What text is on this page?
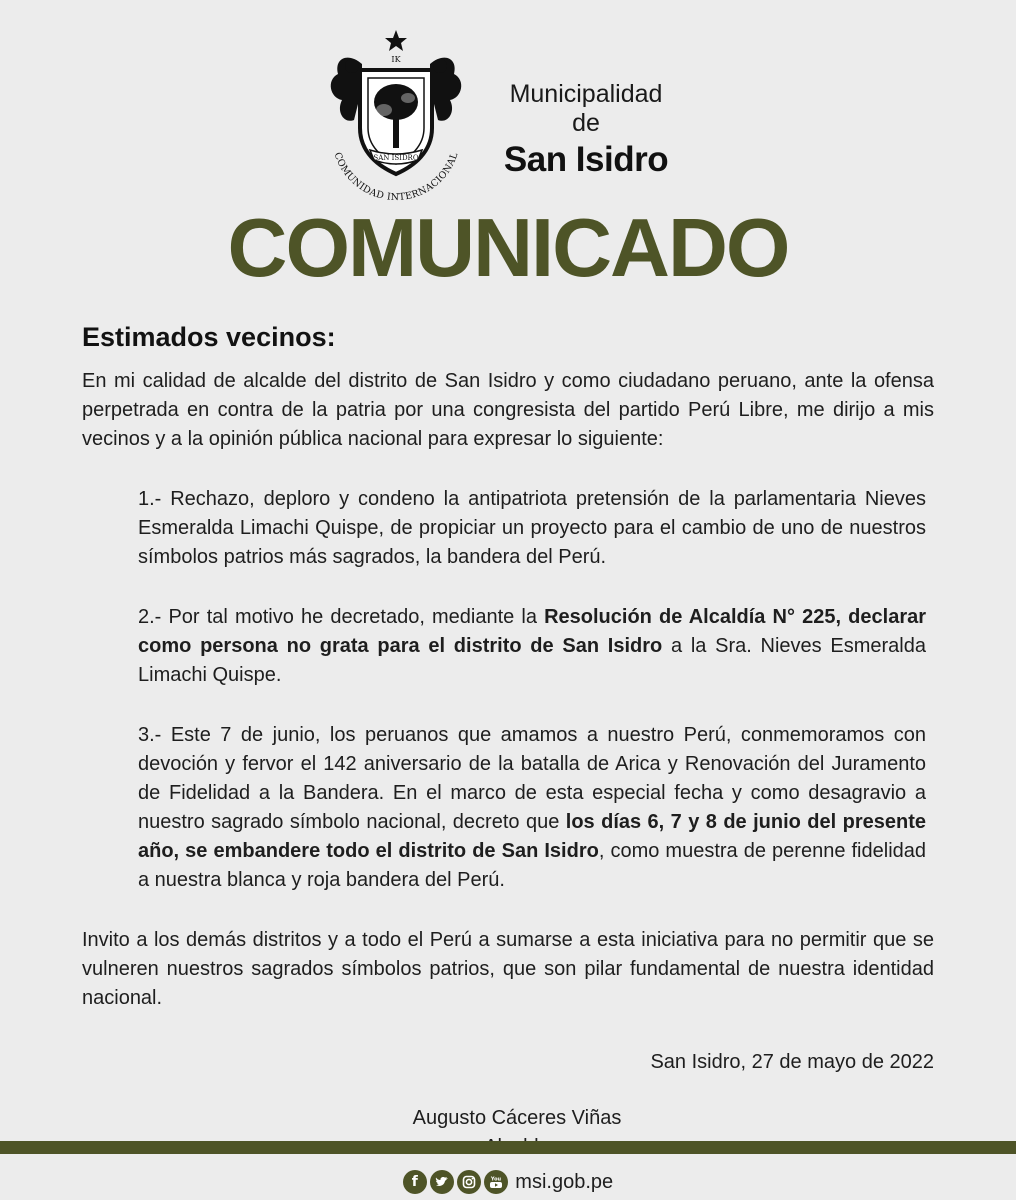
IK
SAN ISIDRO
COMUNIDAD INTERNACIONAL
Municipalidad
de
San Isidro
COMUNICADO

Estimados vecinos:

En mi calidad de alcalde del distrito de San Isidro y como ciudadano peruano, ante la ofensa perpetrada en contra de la patria por una congresista del partido Perú Libre, me dirijo a mis vecinos y a la opinión pública nacional para expresar lo siguiente:

1.- Rechazo, deploro y condeno la antipatriota pretensión de la parlamentaria Nieves Esmeralda Limachi Quispe, de propiciar un proyecto para el cambio de uno de nuestros símbolos patrios más sagrados, la bandera del Perú.

2.- Por tal motivo he decretado, mediante la Resolución de Alcaldía N° 225, declarar como persona no grata para el distrito de San Isidro a la Sra. Nieves Esmeralda Limachi Quispe.

3.- Este 7 de junio, los peruanos que amamos a nuestro Perú, conmemoramos con devoción y fervor el 142 aniversario de la batalla de Arica y Renovación del Juramento de Fidelidad a la Bandera. En el marco de esta especial fecha y como desagravio a nuestro sagrado símbolo nacional, decreto que los días 6, 7 y 8 de junio del presente año, se embandere todo el distrito de San Isidro, como muestra de perenne fidelidad a nuestra blanca y roja bandera del Perú.

Invito a los demás distritos y a todo el Perú a sumarse a esta iniciativa para no permitir que se vulneren nuestros sagrados símbolos patrios, que son pilar fundamental de nuestra identidad nacional.

San Isidro, 27 de mayo de 2022
Augusto Cáceres Viñas
f	You msi.gob.pe
